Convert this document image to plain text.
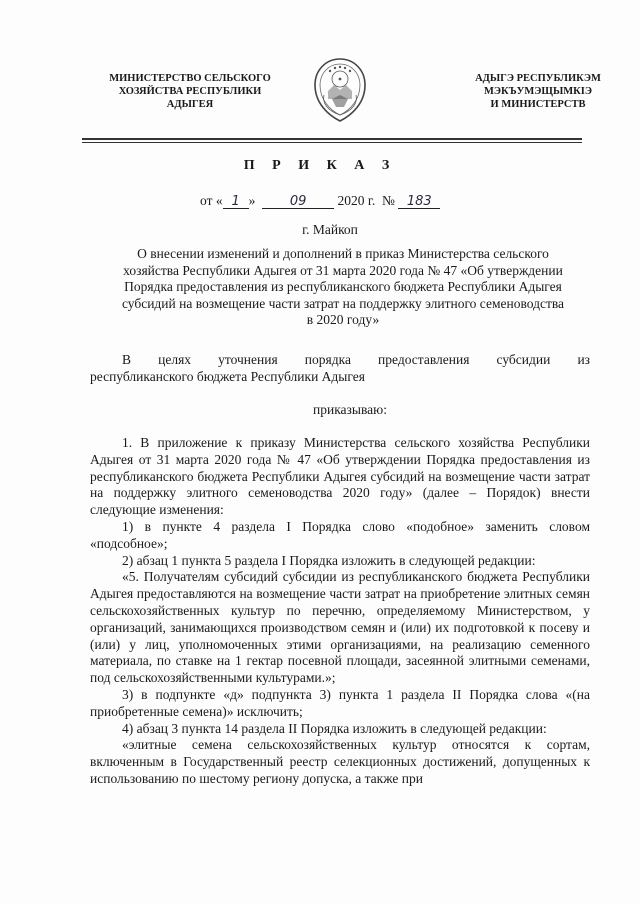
МИНИСТЕРСТВО СЕЛЬСКОГО
ХОЗЯЙСТВА РЕСПУБЛИКИ
АДЫГЕЯ
АДЫГЭ РЕСПУБЛИКЭМ
МЭКЪУМЭЩЫМКIЭ
И МИНИСТЕРСТВ
П Р И К А З
от « 1 »	09 2020 г. № 183
г. Майкоп
О внесении изменений и дополнений в приказ Министерства сельского
хозяйства Республики Адыгея от 31 марта 2020 года № 47 «Об утверждении
Порядка предоставления из республиканского бюджета Республики Адыгея
субсидий на возмещение части затрат на поддержку элитного семеноводства
в 2020 году»
В целях уточнения порядка предоставления субсидии из
республиканского бюджета Республики Адыгея
приказываю:

1. В приложение к приказу Министерства сельского хозяйства Республики Адыгея от 31 марта 2020 года № 47 «Об утверждении Порядка предоставления из республиканского бюджета Республики Адыгея субсидий на возмещение части затрат на поддержку элитного семеноводства 2020 году» (далее – Порядок) внести следующие изменения:

1) в пункте 4 раздела I Порядка слово «подобное» заменить словом «подсобное»;

2) абзац 1 пункта 5 раздела I Порядка изложить в следующей редакции:

«5. Получателям субсидий субсидии из республиканского бюджета Республики Адыгея предоставляются на возмещение части затрат на приобретение элитных семян сельскохозяйственных культур по перечню, определяемому Министерством, у организаций, занимающихся производством семян и (или) их подготовкой к посеву и (или) у лиц, уполномоченных этими организациями, на реализацию семенного материала, по ставке на 1 гектар посевной площади, засеянной элитными семенами, под сельскохозяйственными культурами.»;

3) в подпункте «д» подпункта 3) пункта 1 раздела II Порядка слова «(на приобретенные семена)» исключить;

4) абзац 3 пункта 14 раздела II Порядка изложить в следующей редакции:

«элитные семена сельскохозяйственных культур относятся к сортам, включенным в Государственный реестр селекционных достижений, допущенных к использованию по шестому региону допуска, а также при
